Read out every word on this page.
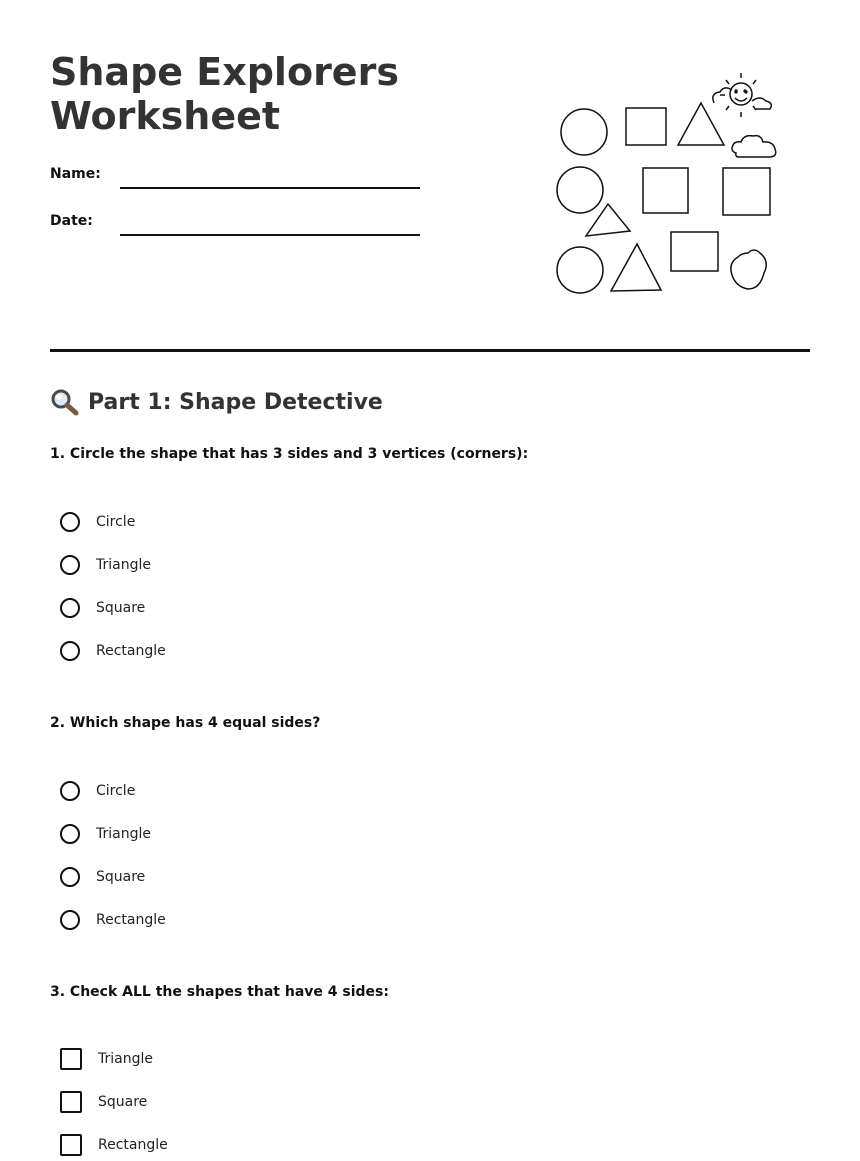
Shape Explorers
Worksheet
Name:
Date:
Part 1: Shape Detective

1. Circle the shape that has 3 sides and 3 vertices (corners):

Circle
Triangle
Square
Rectangle

2. Which shape has 4 equal sides?

Circle
Triangle
Square
Rectangle

3. Check ALL the shapes that have 4 sides:

Triangle
Square
Rectangle
